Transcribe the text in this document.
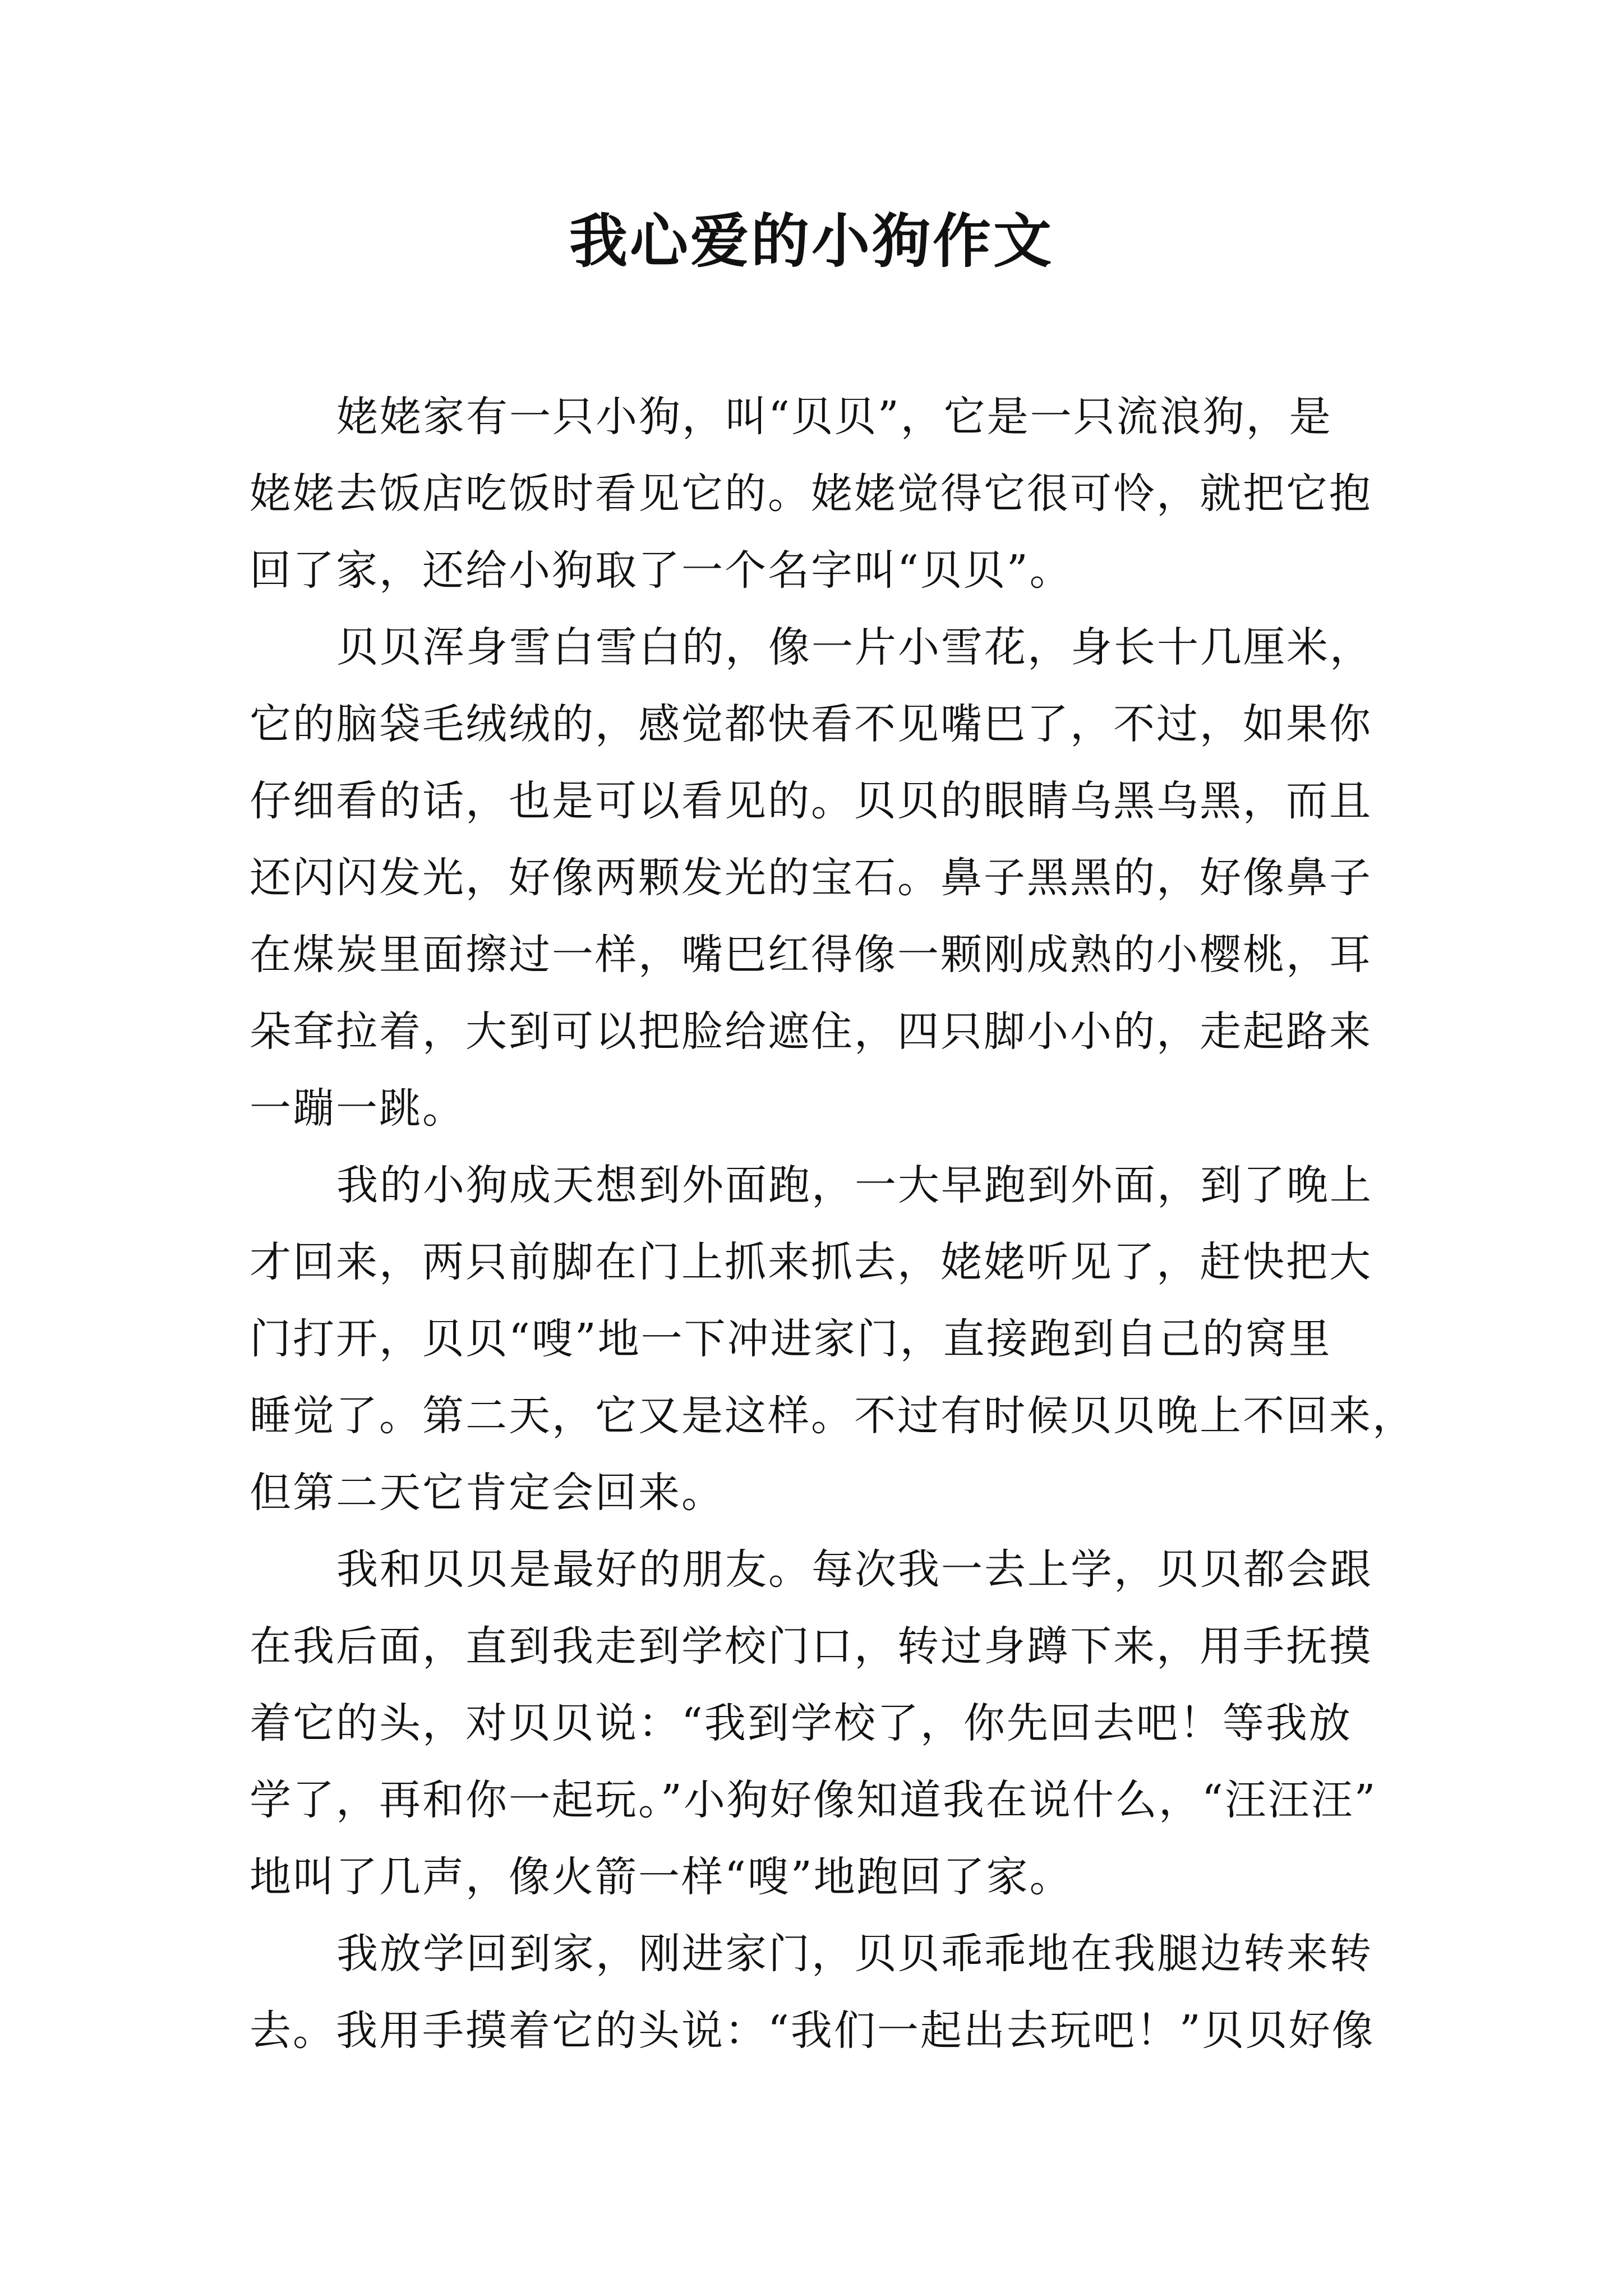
我心爱的小狗作文

姥姥家有一只小狗，叫“贝贝”，它是一只流浪狗，是

姥姥去饭店吃饭时看见它的。姥姥觉得它很可怜，就把它抱

回了家，还给小狗取了一个名字叫“贝贝”。

贝贝浑身雪白雪白的，像一片小雪花，身长十几厘米，

它的脑袋毛绒绒的，感觉都快看不见嘴巴了，不过，如果你

仔细看的话，也是可以看见的。贝贝的眼睛乌黑乌黑，而且

还闪闪发光，好像两颗发光的宝石。鼻子黑黑的，好像鼻子

在煤炭里面擦过一样，嘴巴红得像一颗刚成熟的小樱桃，耳

朵耷拉着，大到可以把脸给遮住，四只脚小小的，走起路来

一蹦一跳。

我的小狗成天想到外面跑，一大早跑到外面，到了晚上

才回来，两只前脚在门上抓来抓去，姥姥听见了，赶快把大

门打开，贝贝“嗖”地一下冲进家门，直接跑到自己的窝里

睡觉了。第二天，它又是这样。不过有时候贝贝晚上不回来，

但第二天它肯定会回来。

我和贝贝是最好的朋友。每次我一去上学，贝贝都会跟

在我后面，直到我走到学校门口，转过身蹲下来，用手抚摸

着它的头，对贝贝说：“我到学校了，你先回去吧！等我放

学了，再和你一起玩。”小狗好像知道我在说什么，“汪汪汪”

地叫了几声，像火箭一样“嗖”地跑回了家。

我放学回到家，刚进家门，贝贝乖乖地在我腿边转来转

去。我用手摸着它的头说：“我们一起出去玩吧！”贝贝好像
